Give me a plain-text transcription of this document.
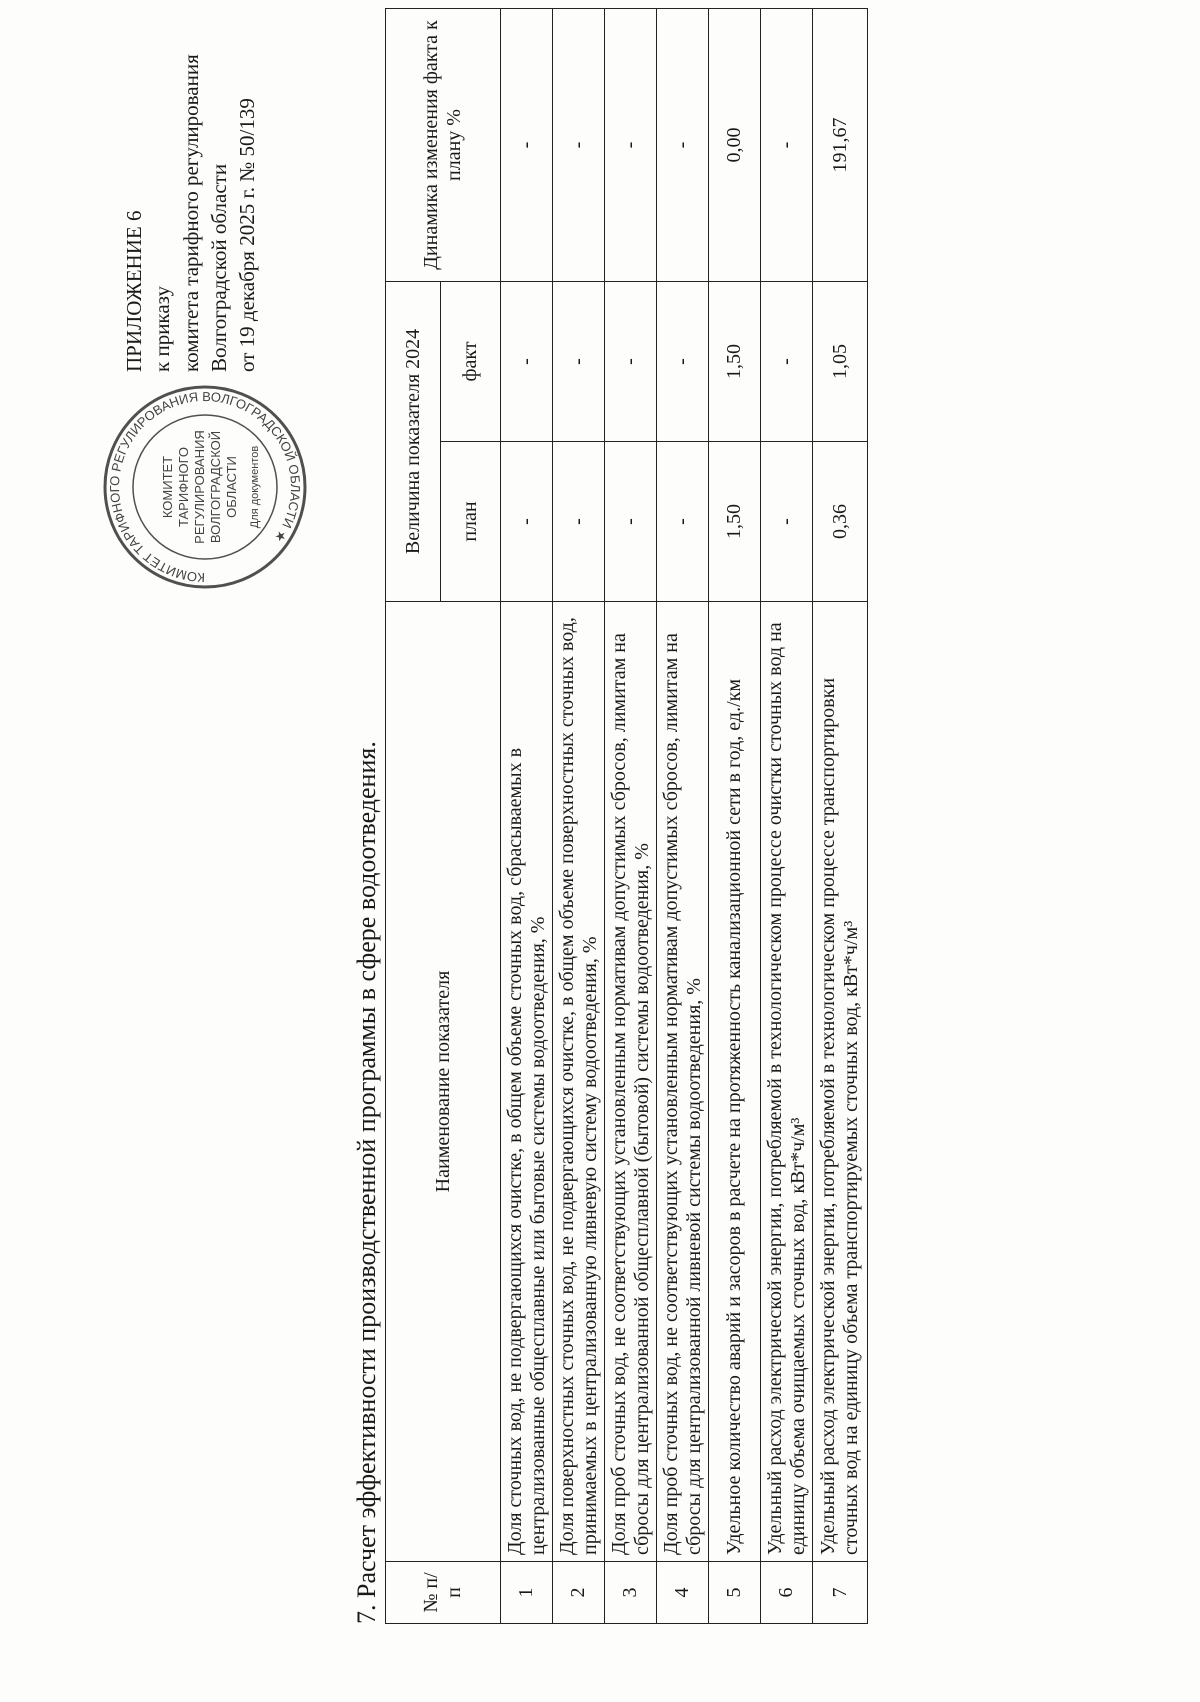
КОМИТЕТ ТАРИФНОГО РЕГУЛИРОВАНИЯ ВОЛГОГРАДСКОЙ ОБЛАСТИ ★
КОМИТЕТ ТАРИФНОГО РЕГУЛИРОВАНИЯ ВОЛГОГРАДСКОЙ ОБЛАСТИ Для документов
ПРИЛОЖЕНИЕ 6 к приказу комитета тарифного регулирования Волгоградской области от 19 декабря 2025 г. № 50/139
7. Расчет эффективности производственной программы в сфере водоотведения. № п/п	Наименование показателя	Величина показателя 2024		Динамика изменения факта к плану %
		план	факт	
1	Доля сточных вод, не подвергающихся очистке, в общем объеме сточных вод, сбрасываемых в централизованные общесплавные или бытовые системы водоотведения, %	-	-	-
2	Доля поверхностных сточных вод, не подвергающихся очистке, в общем объеме поверхностных сточных вод, принимаемых в централизованную ливневую систему водоотведения, %	-	-	-
3	Доля проб сточных вод, не соответствующих установленным нормативам допустимых сбросов, лимитам на сбросы для централизованной общесплавной (бытовой) системы водоотведения, %	-	-	-
4	Доля проб сточных вод, не соответствующих установленным нормативам допустимых сбросов, лимитам на сбросы для централизованной ливневой системы водоотведения, %	-	-	-
5	Удельное количество аварий и засоров в расчете на протяженность канализационной сети в год, ед./км	1,50	1,50	0,00
6	Удельный расход электрической энергии, потребляемой в технологическом процессе очистки сточных вод на единицу объема очищаемых сточных вод, кВт*ч/м³	-	-	-
7	Удельный расход электрической энергии, потребляемой в технологическом процессе транспортировки сточных вод на единицу объема транспортируемых сточных вод, кВт*ч/м³	0,36	1,05	191,67
